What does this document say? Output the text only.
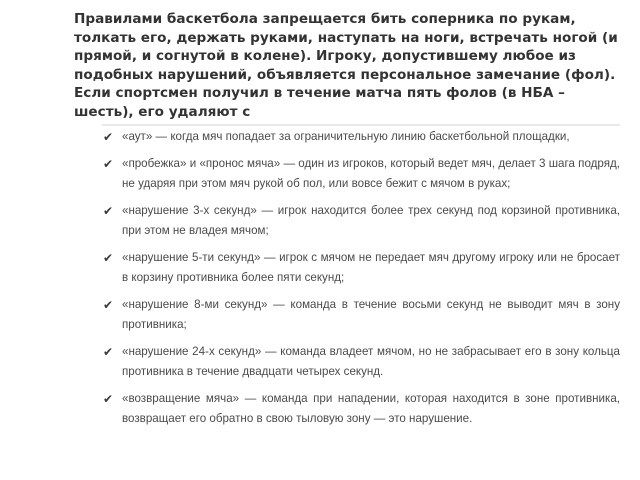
Правилами баскетбола запрещается бить соперника по рукам, толкать его, держать руками, наступать на ноги, встречать ногой (и прямой, и согнутой в колене). Игроку, допустившему любое из подобных нарушений, объявляется персональное замечание (фол). Если спортсмен получил в течение матча пять фолов (в НБА – шесть), его удаляют с

✔ «аут» — когда мяч попадает за ограничительную линию баскетбольной площадки,
✔ «пробежка» и «пронос мяча» — один из игроков, который ведет мяч, делает 3 шага подряд, не ударяя при этом мяч рукой об пол, или вовсе бежит с мячом в руках;
✔ «нарушение 3-х секунд» — игрок находится более трех секунд под корзиной противника, при этом не владея мячом;
✔ «нарушение 5-ти секунд» — игрок с мячом не передает мяч другому игроку или не бросает в корзину противника более пяти секунд;
✔ «нарушение 8-ми секунд» — команда в течение восьми секунд не выводит мяч в зону противника;
✔ «нарушение 24-х секунд» — команда владеет мячом, но не забрасывает его в зону кольца противника в течение двадцати четырех секунд.
✔ «возвращение мяча» — команда при нападении, которая находится в зоне противника, возвращает его обратно в свою тыловую зону — это нарушение.
